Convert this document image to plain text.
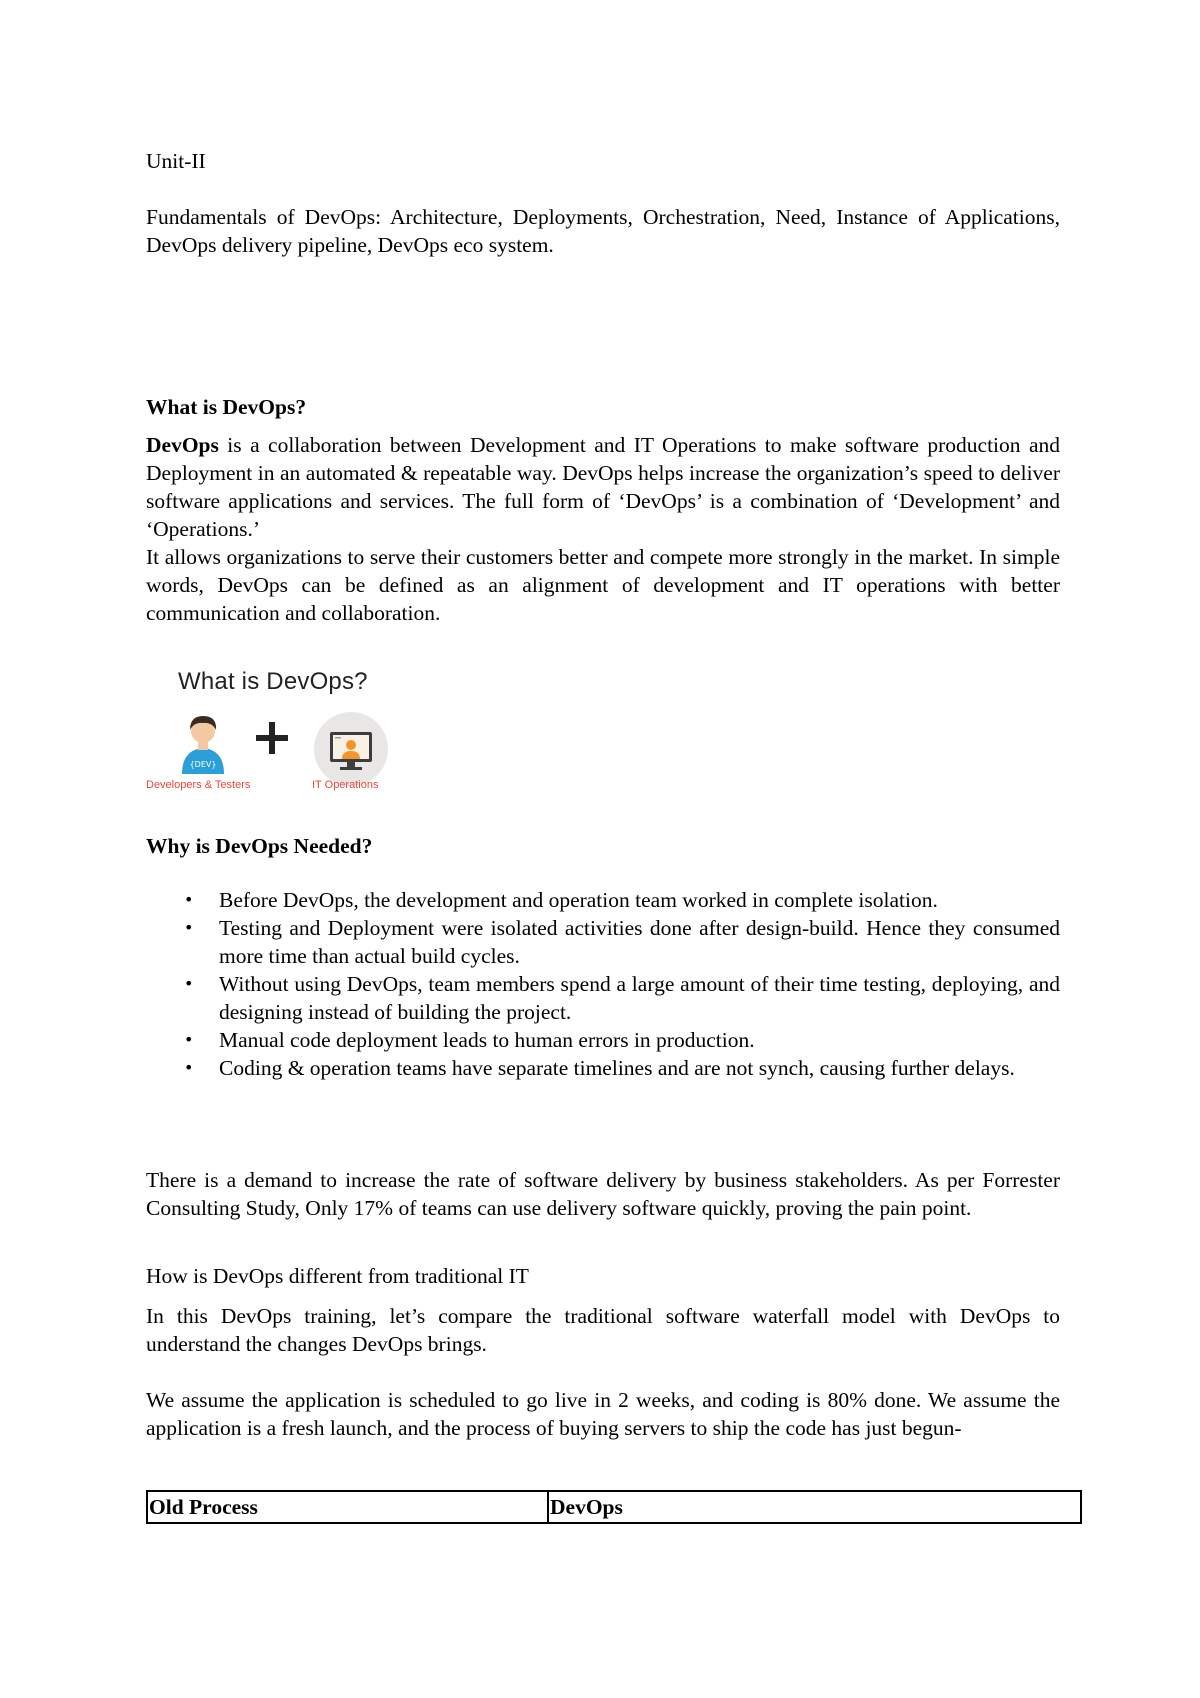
Unit-II
Fundamentals of DevOps: Architecture, Deployments, Orchestration, Need, Instance of Applications, DevOps delivery pipeline, DevOps eco system.
What is DevOps?
DevOps is a collaboration between Development and IT Operations to make software production and Deployment in an automated & repeatable way. DevOps helps increase the organization’s speed to deliver software applications and services. The full form of ‘DevOps’ is a combination of ‘Development’ and ‘Operations.’
It allows organizations to serve their customers better and compete more strongly in the market. In simple words, DevOps can be defined as an alignment of development and IT operations with better communication and collaboration.
What is DevOps?
{DEV}
Developers & Testers	IT Operations
Why is DevOps Needed?
• Before DevOps, the development and operation team worked in complete isolation.
• Testing and Deployment were isolated activities done after design-build. Hence they consumed more time than actual build cycles.
• Without using DevOps, team members spend a large amount of their time testing, deploying, and designing instead of building the project.
• Manual code deployment leads to human errors in production.
• Coding & operation teams have separate timelines and are not synch, causing further delays.
There is a demand to increase the rate of software delivery by business stakeholders. As per Forrester Consulting Study, Only 17% of teams can use delivery software quickly, proving the pain point.
How is DevOps different from traditional IT
In this DevOps training, let’s compare the traditional software waterfall model with DevOps to understand the changes DevOps brings.
We assume the application is scheduled to go live in 2 weeks, and coding is 80% done. We assume the application is a fresh launch, and the process of buying servers to ship the code has just begun-
Old Process	DevOps
